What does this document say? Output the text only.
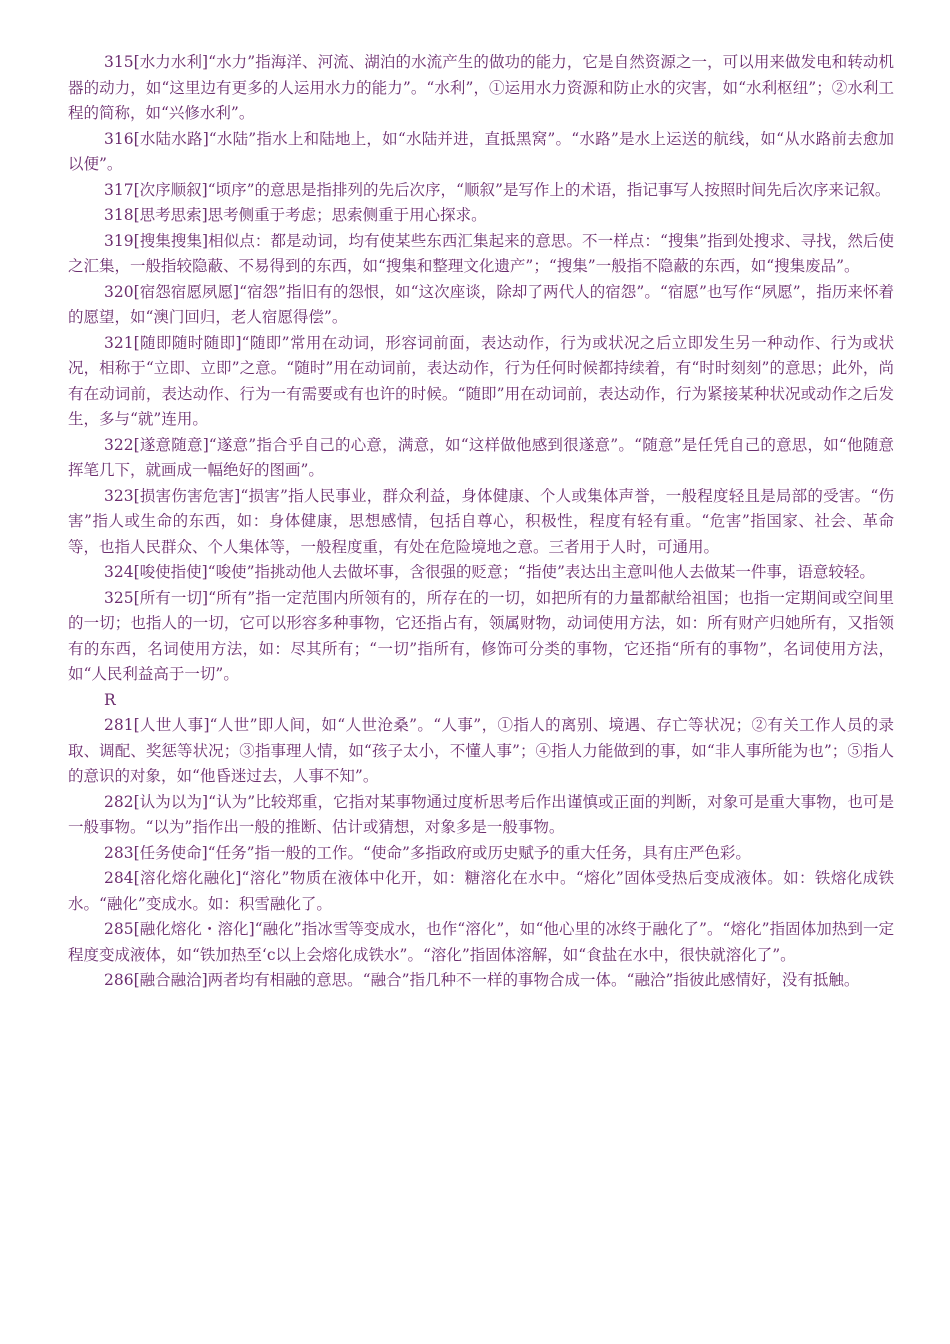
315[水力水利]“水力”指海洋、河流、湖泊的水流产生的做功的能力，它是自然资源之一，可以用来做发电和转动机器的动力，如“这里边有更多的人运用水力的能力”。“水利”，①运用水力资源和防止水的灾害，如“水利枢纽”；②水利工程的简称，如“兴修水利”。

316[水陆水路]“水陆”指水上和陆地上，如“水陆并进，直抵黑窝”。“水路”是水上运送的航线，如“从水路前去愈加以便”。

317[次序顺叙]“顷序”的意思是指排列的先后次序，“顺叙”是写作上的术语，指记事写人按照时间先后次序来记叙。

318[思考思索]思考侧重于考虑；思索侧重于用心探求。

319[搜集搜集]相似点：都是动词，均有使某些东西汇集起来的意思。不一样点：“搜集”指到处搜求、寻找，然后使之汇集，一般指较隐蔽、不易得到的东西，如“搜集和整理文化遗产”；“搜集”一般指不隐蔽的东西，如“搜集废品”。

320[宿怨宿愿夙愿]“宿怨”指旧有的怨恨，如“这次座谈，除却了两代人的宿怨”。“宿愿”也写作“夙愿”，指历来怀着的愿望，如“澳门回归，老人宿愿得偿”。

321[随即随时随即]“随即”常用在动词，形容词前面，表达动作，行为或状况之后立即发生另一种动作、行为或状况，相称于“立即、立即”之意。“随时”用在动词前，表达动作，行为任何时候都持续着，有“时时刻刻”的意思；此外，尚有在动词前，表达动作、行为一有需要或有也许的时候。“随即”用在动词前，表达动作，行为紧接某种状况或动作之后发生，多与“就”连用。

322[遂意随意]“遂意”指合乎自己的心意，满意，如“这样做他感到很遂意”。“随意”是任凭自己的意思，如“他随意挥笔几下，就画成一幅绝好的图画”。

323[损害伤害危害]“损害”指人民事业，群众利益，身体健康、个人或集体声誉，一般程度轻且是局部的受害。“伤害”指人或生命的东西，如：身体健康，思想感情，包括自尊心，积极性，程度有轻有重。“危害”指国家、社会、革命等，也指人民群众、个人集体等，一般程度重，有处在危险境地之意。三者用于人时，可通用。

324[唆使指使]“唆使”指挑动他人去做坏事，含很强的贬意；“指使”表达出主意叫他人去做某一件事，语意较轻。

325[所有一切]“所有”指一定范围内所领有的，所存在的一切，如把所有的力量都献给祖国；也指一定期间或空间里的一切；也指人的一切，它可以形容多种事物，它还指占有，领属财物，动词使用方法，如：所有财产归她所有，又指领有的东西，名词使用方法，如：尽其所有；“一切”指所有，修饰可分类的事物，它还指“所有的事物”，名词使用方法，如“人民利益高于一切”。

R

281[人世人事]“人世”即人间，如“人世沧桑”。“人事”，①指人的离别、境遇、存亡等状况；②有关工作人员的录取、调配、奖惩等状况；③指事理人情，如“孩子太小，不懂人事”；④指人力能做到的事，如“非人事所能为也”；⑤指人的意识的对象，如“他昏迷过去，人事不知”。

282[认为以为]“认为”比较郑重，它指对某事物通过度析思考后作出谨慎或正面的判断，对象可是重大事物，也可是一般事物。“以为”指作出一般的推断、估计或猜想，对象多是一般事物。

283[任务使命]“任务”指一般的工作。“使命”多指政府或历史赋予的重大任务，具有庄严色彩。

284[溶化熔化融化]“溶化”物质在液体中化开，如：糖溶化在水中。“熔化”固体受热后变成液体。如：铁熔化成铁水。“融化”变成水。如：积雪融化了。

285[融化熔化・溶化]“融化”指冰雪等变成水，也作“溶化”，如“他心里的冰终于融化了”。“熔化”指固体加热到一定程度变成液体，如“铁加热至‘c以上会熔化成铁水”。“溶化”指固体溶解，如“食盐在水中，很快就溶化了”。

286[融合融洽]两者均有相融的意思。“融合”指几种不一样的事物合成一体。“融洽”指彼此感情好，没有抵触。
